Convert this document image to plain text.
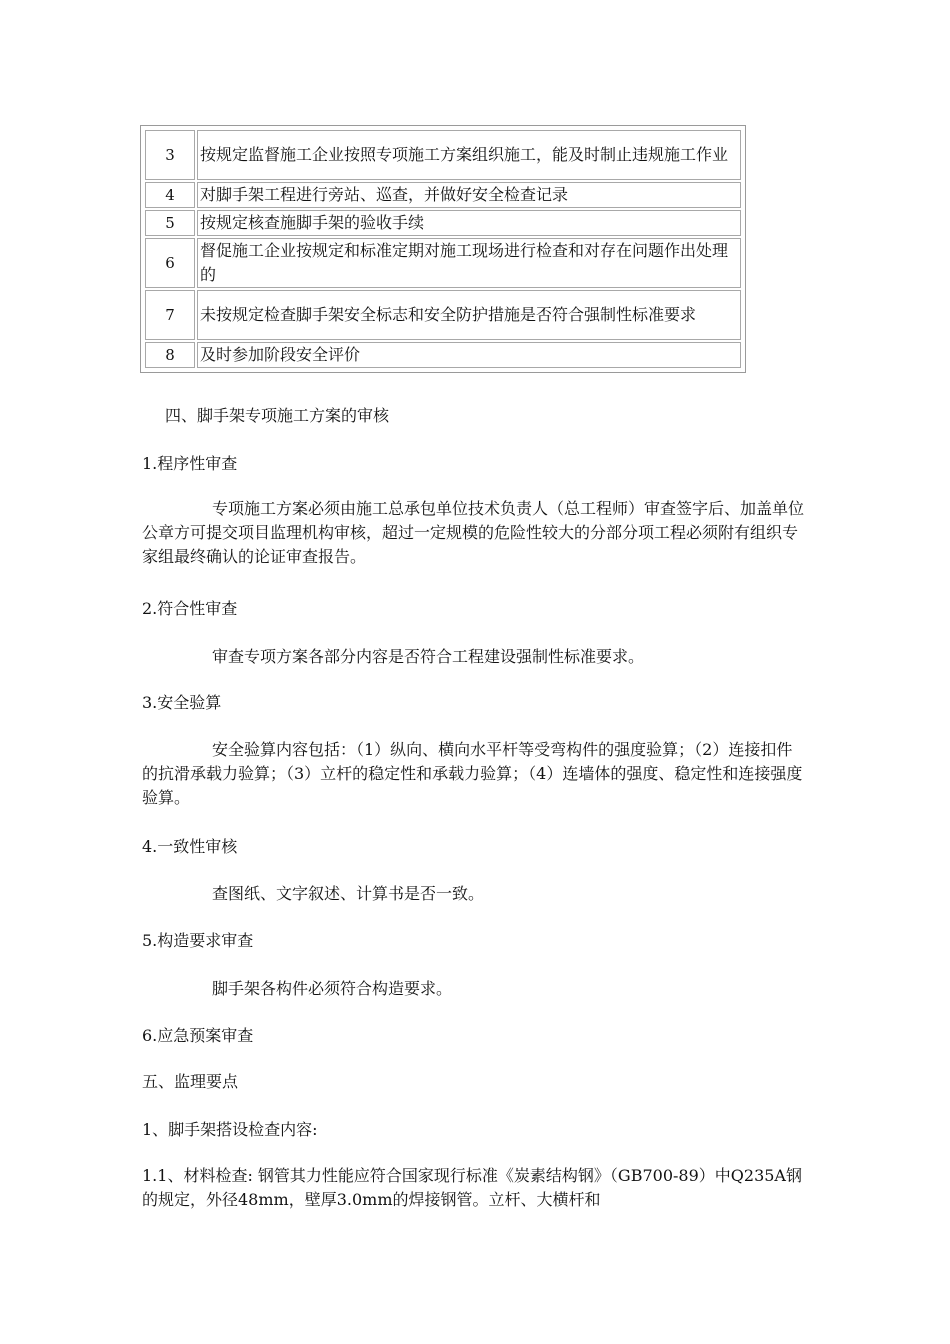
3	按规定监督施工企业按照专项施工方案组织施工，能及时制止违规施工作业
4	对脚手架工程进行旁站、巡查，并做好安全检查记录
5	按规定核查施脚手架的验收手续
6	督促施工企业按规定和标准定期对施工现场进行检查和对存在问题作出处理的
7	未按规定检查脚手架安全标志和安全防护措施是否符合强制性标准要求
8	及时参加阶段安全评价
四、脚手架专项施工方案的审核
1.程序性审查
专项施工方案必须由施工总承包单位技术负责人（总工程师）审查签字后、加盖单位公章方可提交项目监理机构审核，超过一定规模的危险性较大的分部分项工程必须附有组织专家组最终确认的论证审查报告。
2.符合性审查
审查专项方案各部分内容是否符合工程建设强制性标准要求。
3.安全验算
安全验算内容包括：（1）纵向、横向水平杆等受弯构件的强度验算；（2）连接扣件的抗滑承载力验算；（3）立杆的稳定性和承载力验算；（4）连墙体的强度、稳定性和连接强度验算。
4.一致性审核
查图纸、文字叙述、计算书是否一致。
5.构造要求审查
脚手架各构件必须符合构造要求。
6.应急预案审查
五、监理要点
1、脚手架搭设检查内容:
1.1、材料检查: 钢管其力性能应符合国家现行标准《炭素结构钢》（GB700-89）中Q235A钢的规定，外径48mm，壁厚3.0mm的焊接钢管。立杆、大横杆和
